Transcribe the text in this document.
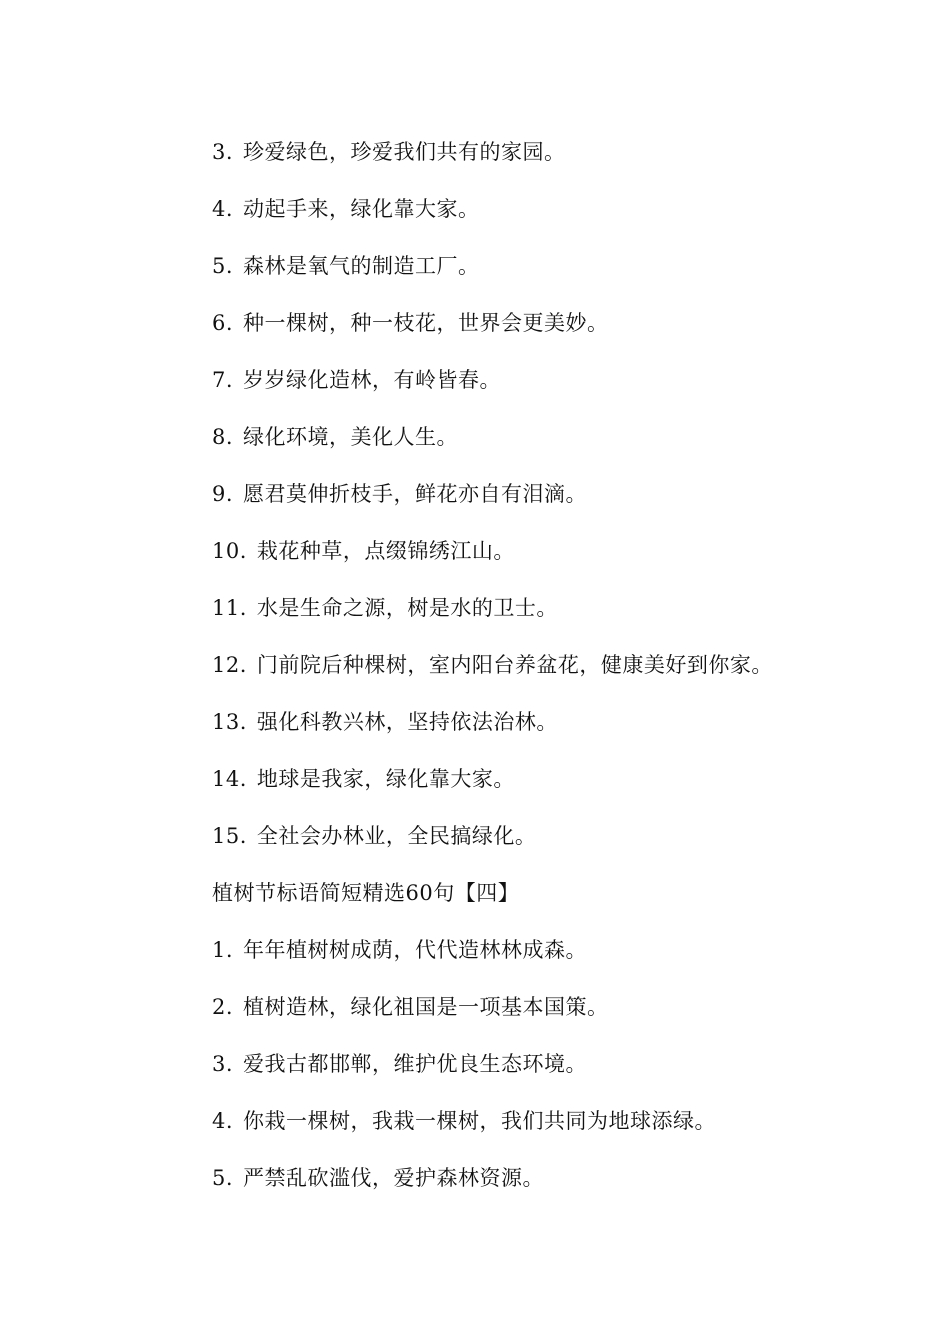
3. 珍爱绿色，珍爱我们共有的家园。
4. 动起手来，绿化靠大家。
5. 森林是氧气的制造工厂。
6. 种一棵树，种一枝花，世界会更美妙。
7. 岁岁绿化造林，有岭皆春。
8. 绿化环境，美化人生。
9. 愿君莫伸折枝手，鲜花亦自有泪滴。
10. 栽花种草，点缀锦绣江山。
11. 水是生命之源，树是水的卫士。
12. 门前院后种棵树，室内阳台养盆花，健康美好到你家。
13. 强化科教兴林，坚持依法治林。
14. 地球是我家，绿化靠大家。
15. 全社会办林业，全民搞绿化。
植树节标语简短精选60句【四】
1. 年年植树树成荫，代代造林林成森。
2. 植树造林，绿化祖国是一项基本国策。
3. 爱我古都邯郸，维护优良生态环境。
4. 你栽一棵树，我栽一棵树，我们共同为地球添绿。
5. 严禁乱砍滥伐，爱护森林资源。
